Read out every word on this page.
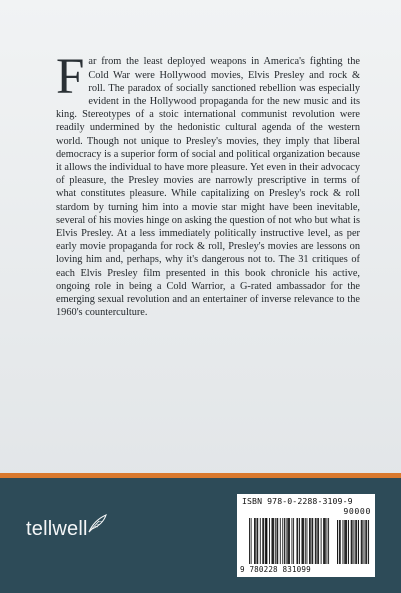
Far from the least deployed weapons in America's fighting the Cold War were Hollywood movies, Elvis Presley and rock & roll. The paradox of socially sanctioned rebellion was especially evident in the Hollywood propaganda for the new music and its king. Stereotypes of a stoic international communist revolution were readily undermined by the hedonistic cultural agenda of the western world. Though not unique to Presley's movies, they imply that liberal democracy is a superior form of social and political organization because it allows the individual to have more pleasure. Yet even in their advocacy of pleasure, the Presley movies are narrowly prescriptive in terms of what constitutes pleasure. While capitalizing on Presley's rock & roll stardom by turning him into a movie star might have been inevitable, several of his movies hinge on asking the question of not who but what is Elvis Presley. At a less immediately politically instructive level, as per early movie propaganda for rock & roll, Presley's movies are lessons on loving him and, perhaps, why it's dangerous not to. The 31 critiques of each Elvis Presley film presented in this book chronicle his active, ongoing role in being a Cold Warrior, a G-rated ambassador for the emerging sexual revolution and an entertainer of inverse relevance to the 1960's counterculture.

tellwell
ISBN 978-0-2288-3109-9
90000
9 780228 831099
